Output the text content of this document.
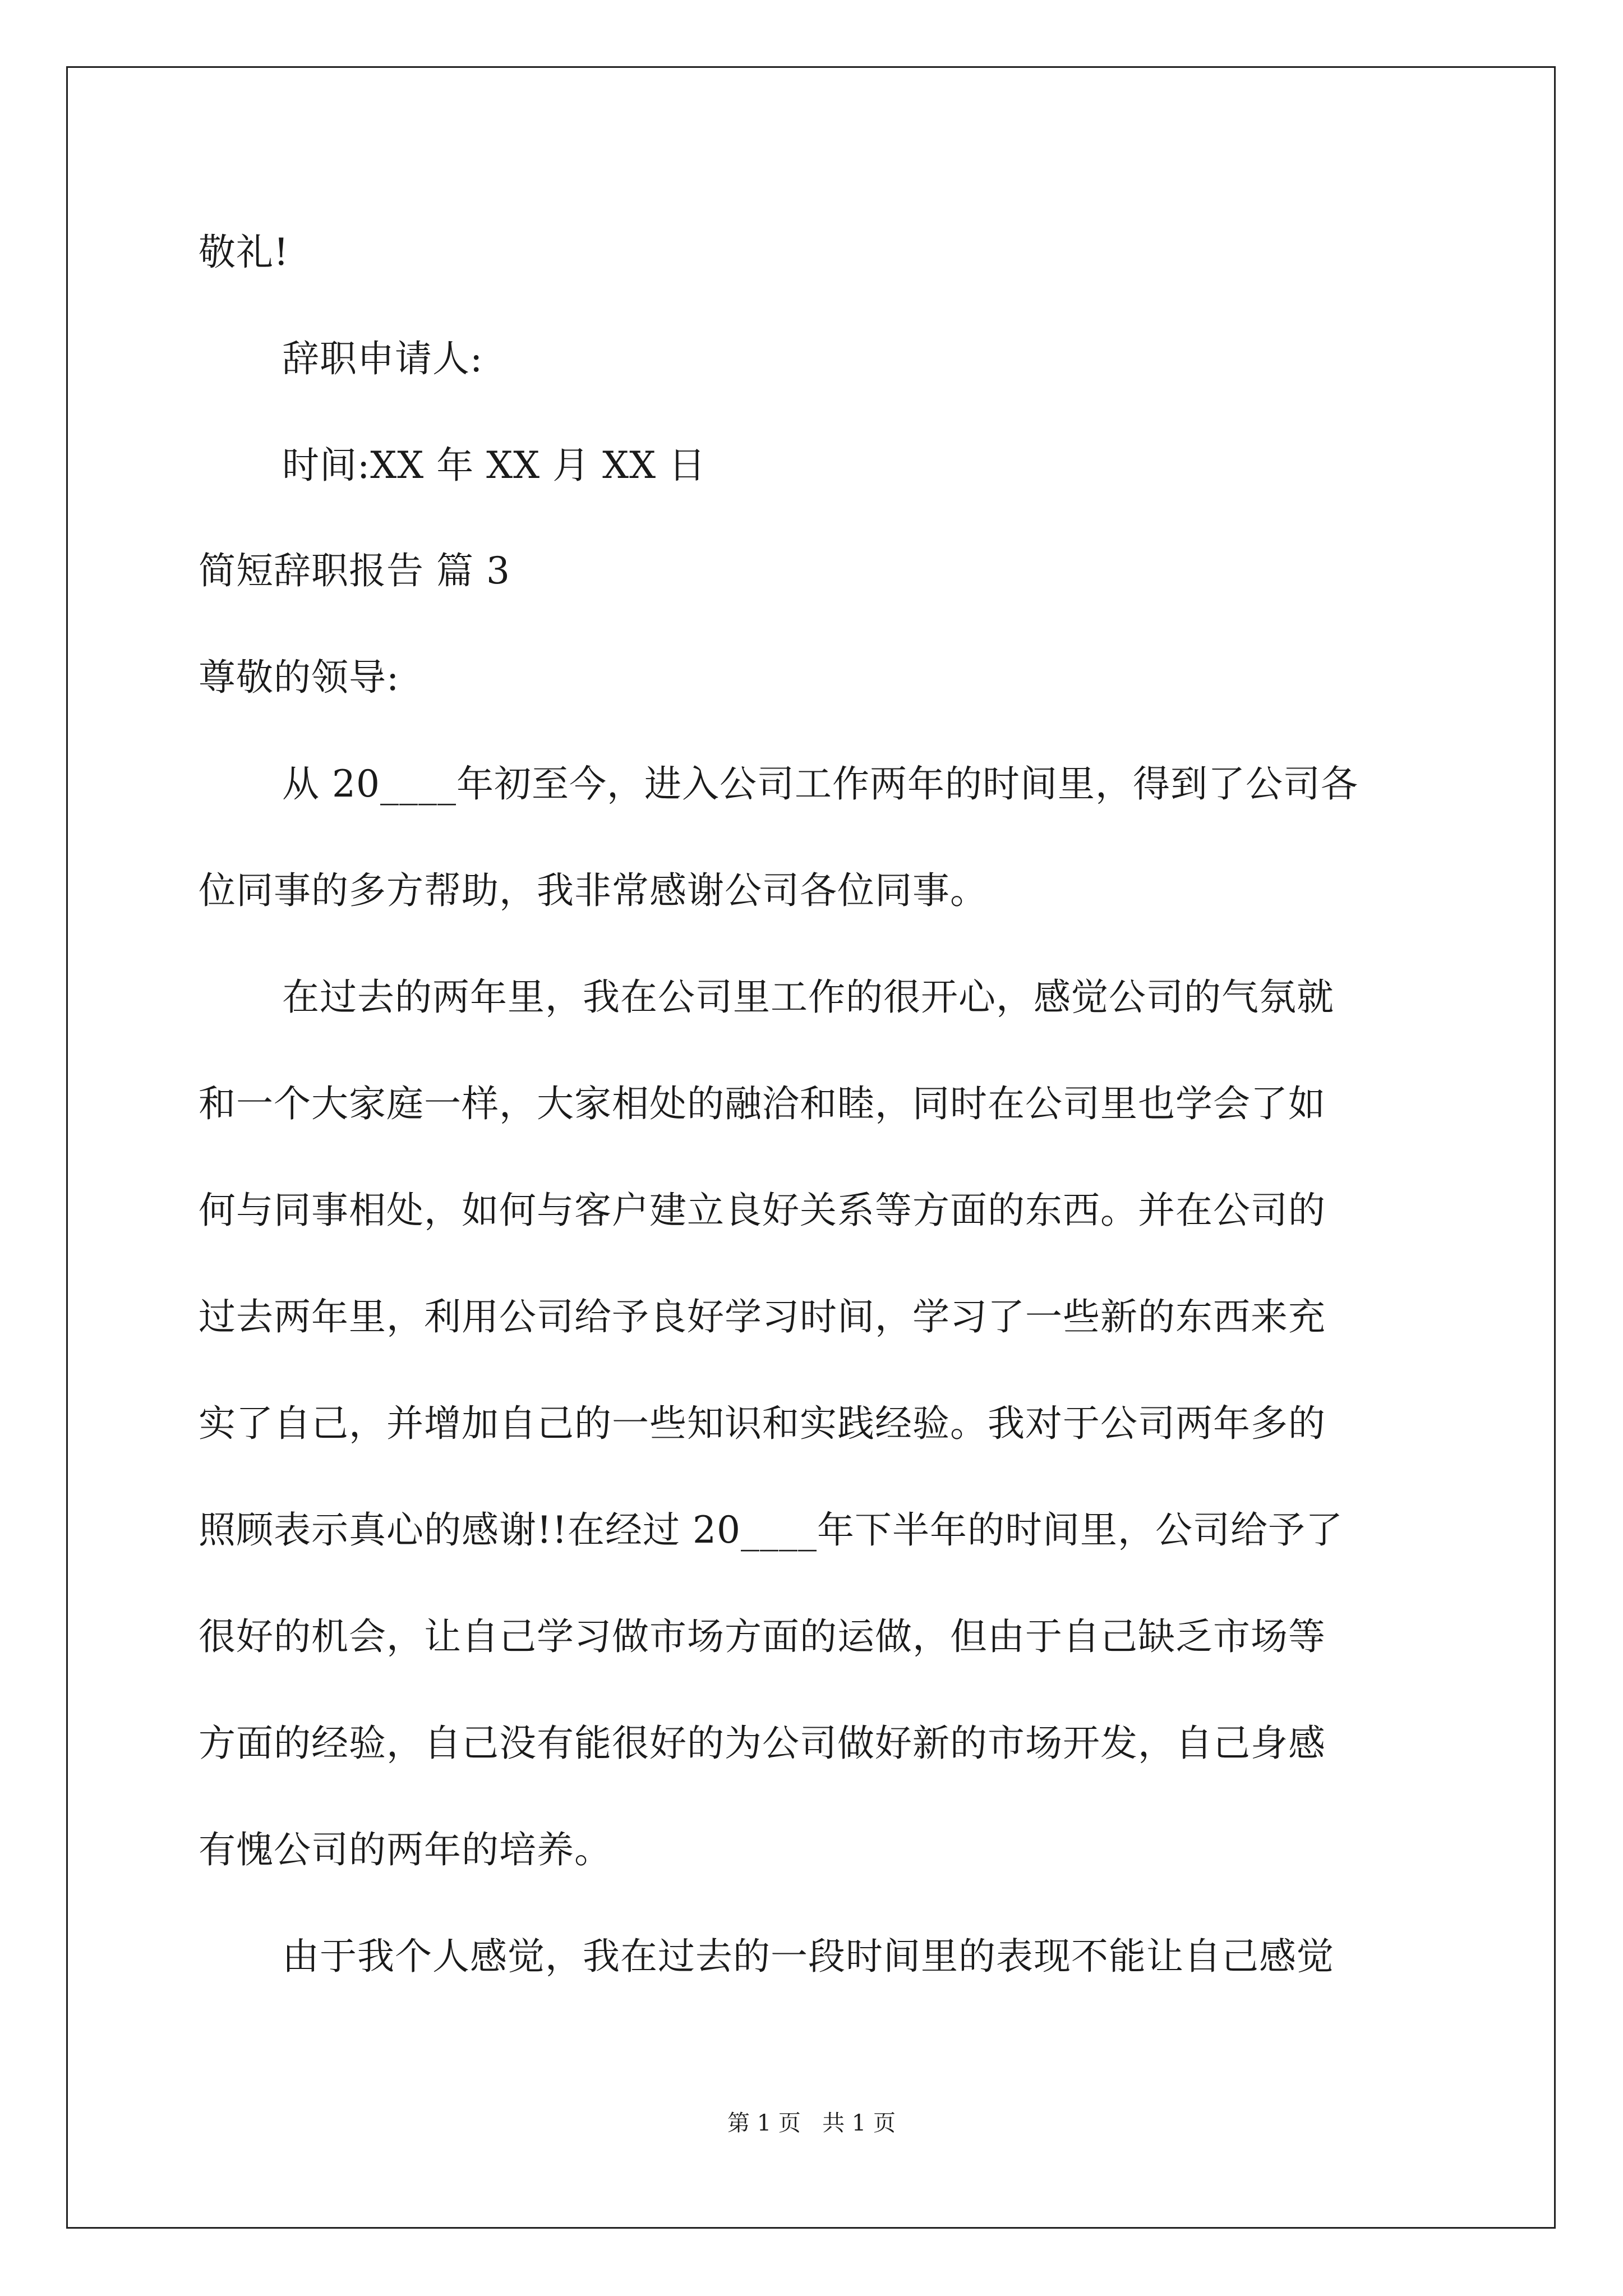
敬礼!
辞职申请人:
时间:XX 年 XX 月 XX 日
简短辞职报告 篇 3
尊敬的领导:
从 20____年初至今，进入公司工作两年的时间里，得到了公司各
位同事的多方帮助，我非常感谢公司各位同事。
在过去的两年里，我在公司里工作的很开心，感觉公司的气氛就
和一个大家庭一样，大家相处的融洽和睦，同时在公司里也学会了如
何与同事相处，如何与客户建立良好关系等方面的东西。并在公司的
过去两年里，利用公司给予良好学习时间，学习了一些新的东西来充
实了自己，并增加自己的一些知识和实践经验。我对于公司两年多的
照顾表示真心的感谢!!在经过 20____年下半年的时间里，公司给予了
很好的机会，让自己学习做市场方面的运做，但由于自己缺乏市场等
方面的经验，自己没有能很好的为公司做好新的市场开发，自己身感
有愧公司的两年的培养。
由于我个人感觉，我在过去的一段时间里的表现不能让自己感觉
第 1 页   共 1 页
